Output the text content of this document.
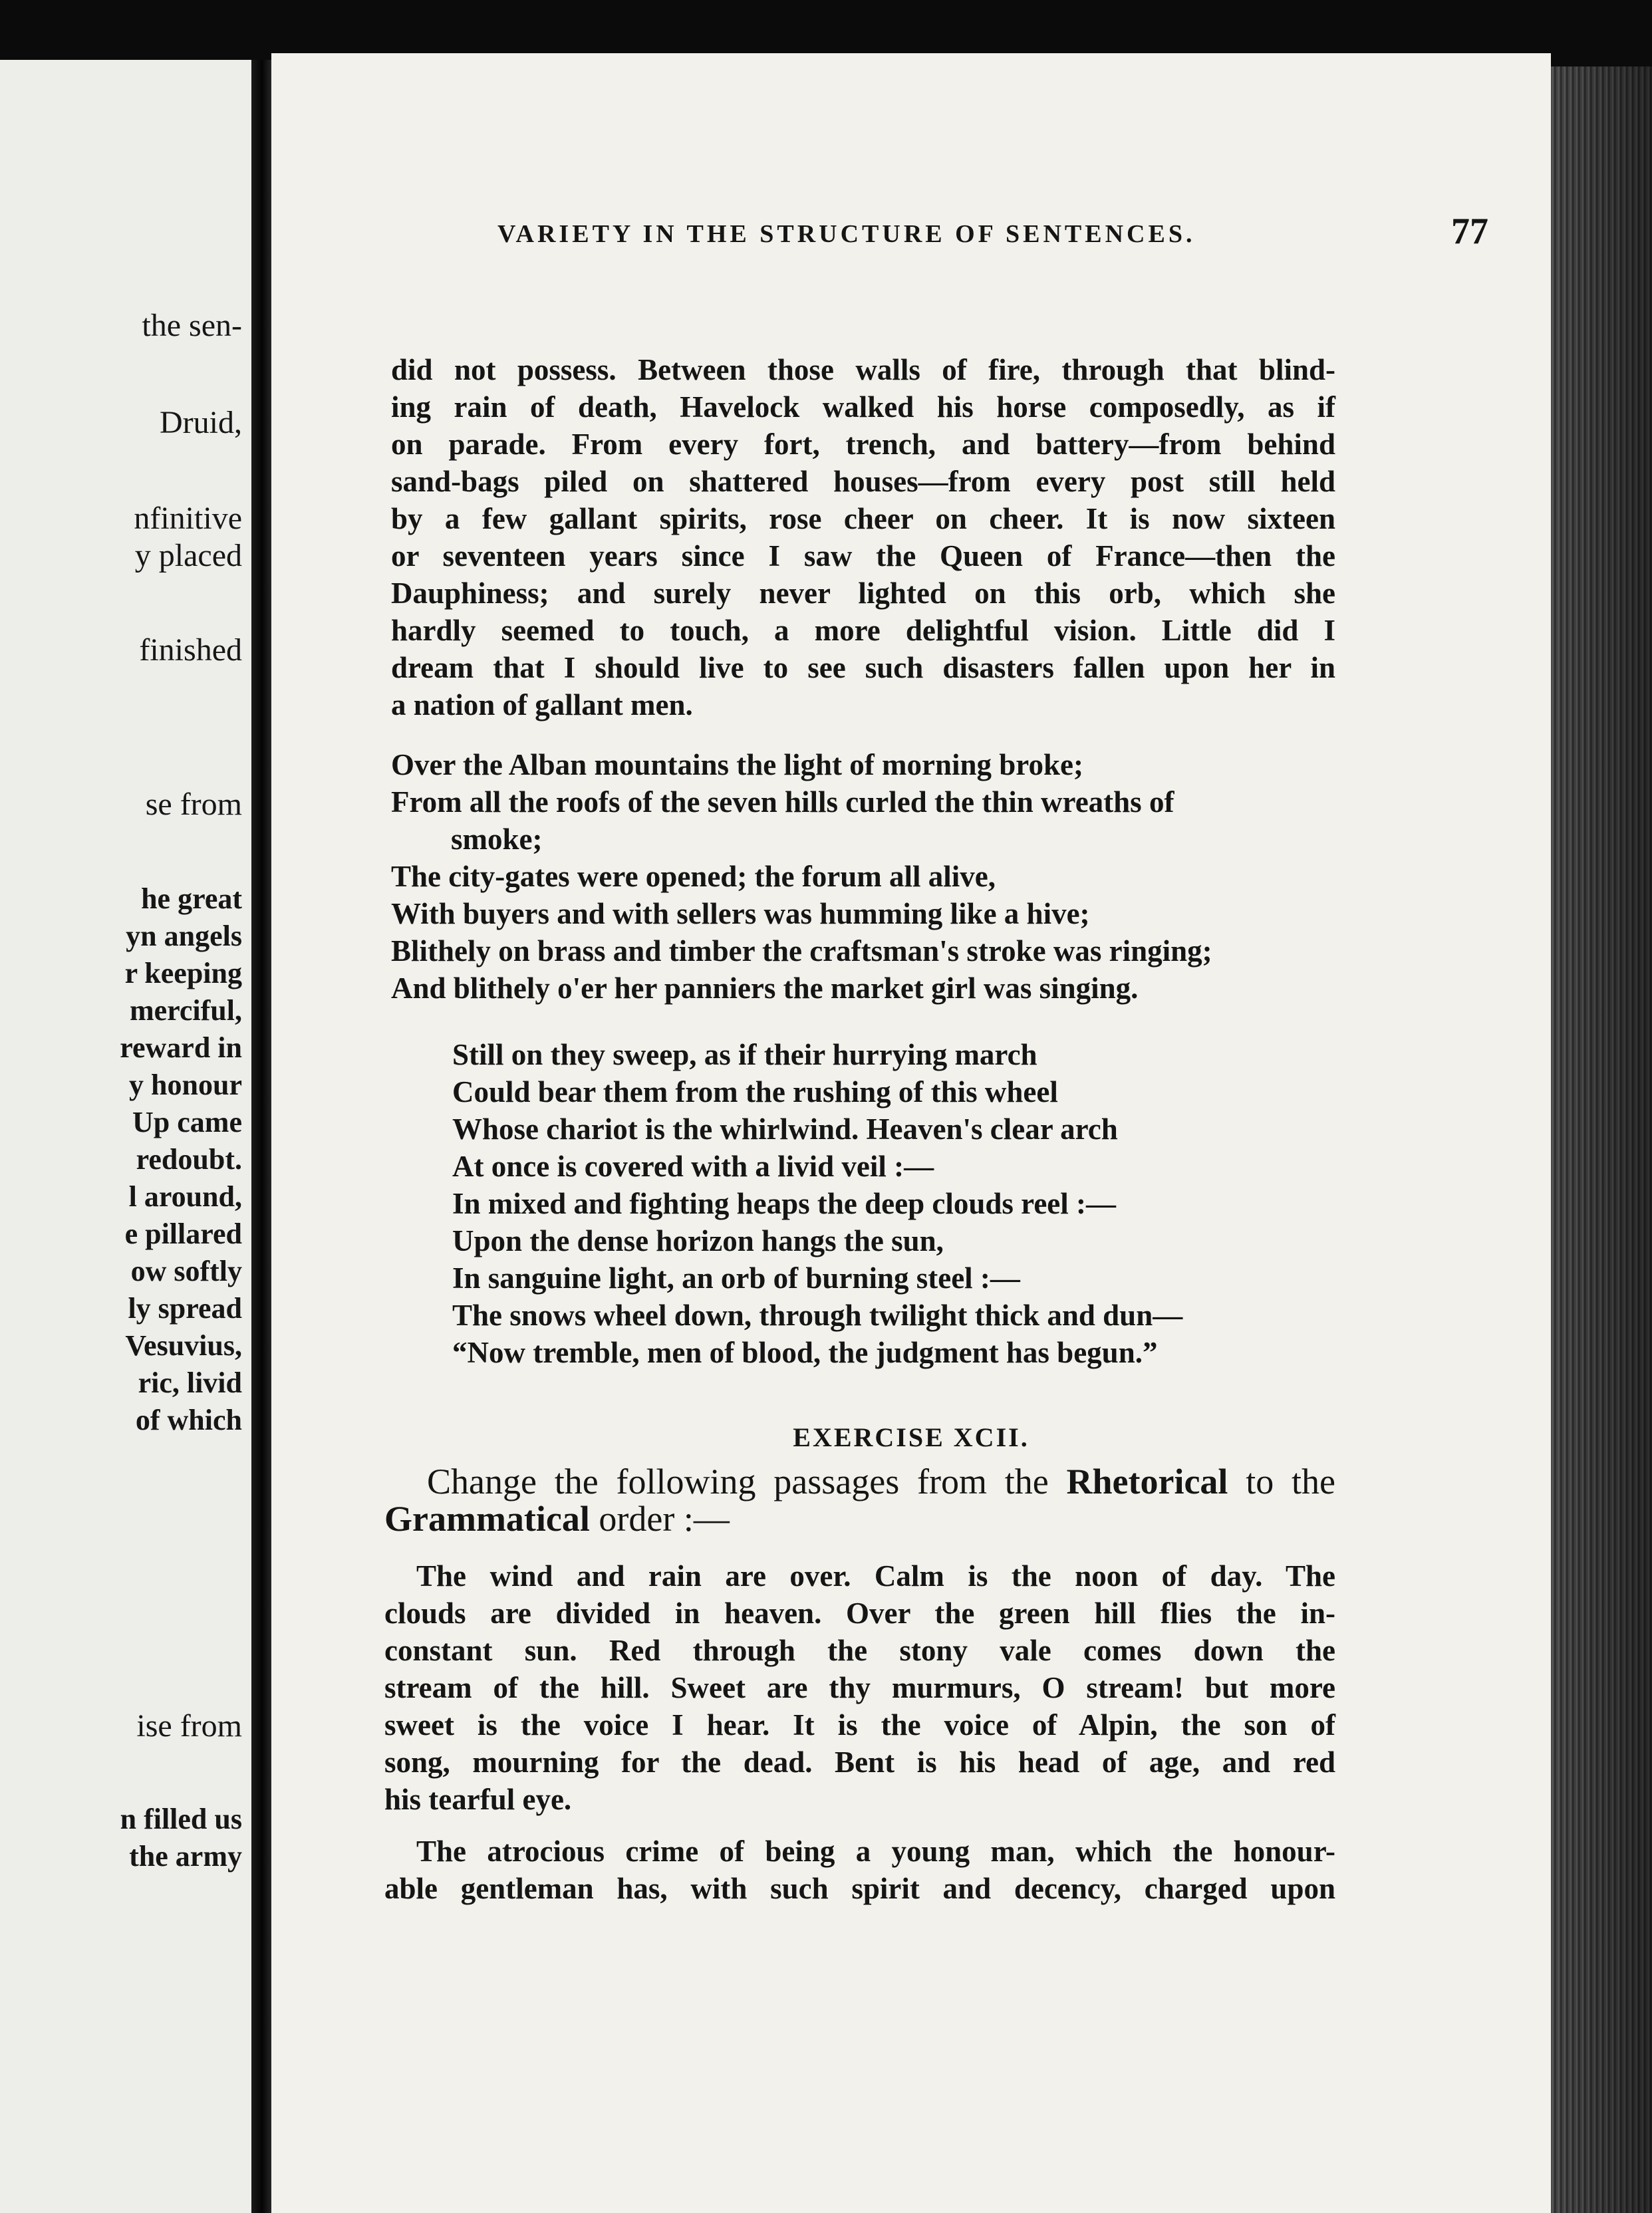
the sen-
Druid,
nfinitive
y placed
finished
se from
he great
yn angels
r keeping
merciful,
reward in
y honour
Up came
redoubt.
l around,
e pillared
ow softly
ly spread
Vesuvius,
ric, livid
of which
ise from
n filled us
the army
VARIETY IN THE STRUCTURE OF SENTENCES.	77

did not possess. Between those walls of fire, through that blind-

ing rain of death, Havelock walked his horse composedly, as if

on parade. From every fort, trench, and battery—from behind

sand-bags piled on shattered houses—from every post still held

by a few gallant spirits, rose cheer on cheer. It is now sixteen

or seventeen years since I saw the Queen of France—then the

Dauphiness; and surely never lighted on this orb, which she

hardly seemed to touch, a more delightful vision. Little did I

dream that I should live to see such disasters fallen upon her in

a nation of gallant men.

Over the Alban mountains the light of morning broke;
From all the roofs of the seven hills curled the thin wreaths of
smoke;
The city-gates were opened; the forum all alive,
With buyers and with sellers was humming like a hive;
Blithely on brass and timber the craftsman's stroke was ringing;
And blithely o'er her panniers the market girl was singing.
Still on they sweep, as if their hurrying march
Could bear them from the rushing of this wheel
Whose chariot is the whirlwind. Heaven's clear arch
At once is covered with a livid veil :—
In mixed and fighting heaps the deep clouds reel :—
Upon the dense horizon hangs the sun,
In sanguine light, an orb of burning steel :—
The snows wheel down, through twilight thick and dun—
“Now tremble, men of blood, the judgment has begun.”
EXERCISE XCII.

Change the following passages from the Rhetorical to the Grammatical order :—

The wind and rain are over. Calm is the noon of day. The

clouds are divided in heaven. Over the green hill flies the in-

constant sun. Red through the stony vale comes down the

stream of the hill. Sweet are thy murmurs, O stream! but more

sweet is the voice I hear. It is the voice of Alpin, the son of

song, mourning for the dead. Bent is his head of age, and red

his tearful eye.

The atrocious crime of being a young man, which the honour-

able gentleman has, with such spirit and decency, charged upon
